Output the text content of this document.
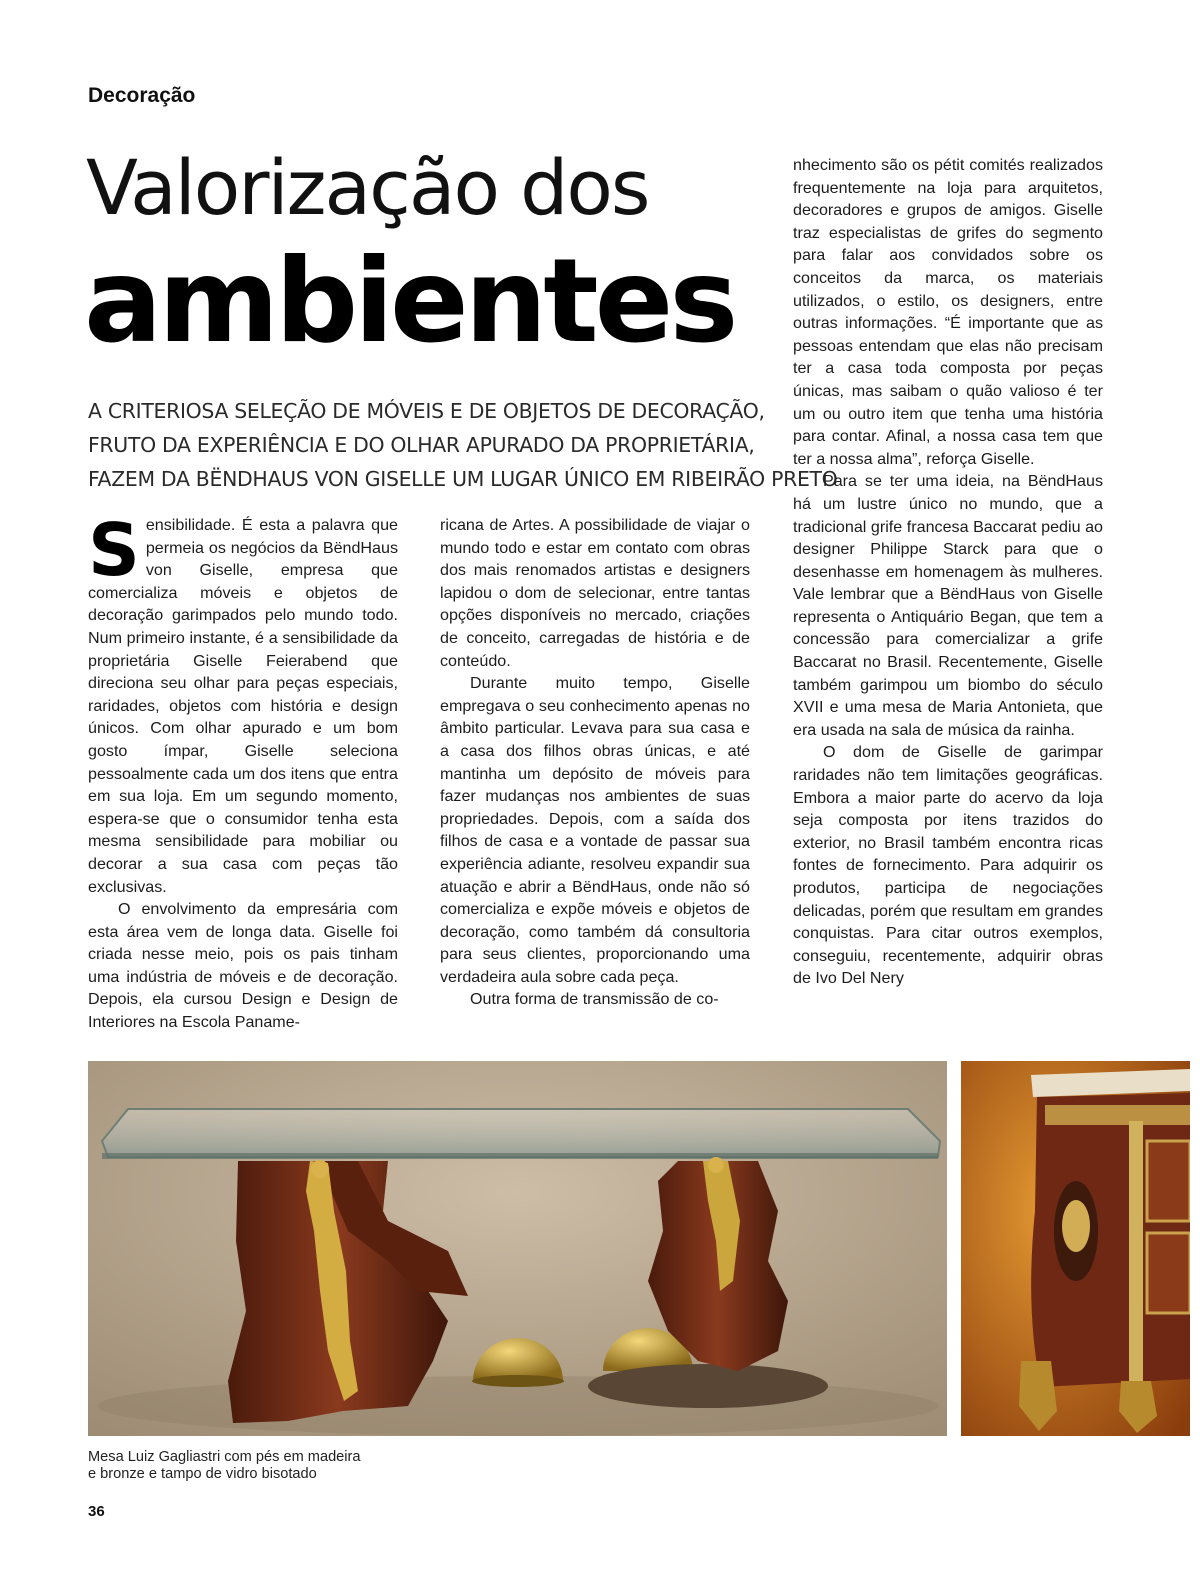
Decoração
Valorização dos
ambientes

A CRITERIOSA SELEÇÃO DE MÓVEIS E DE OBJETOS DE DECORAÇÃO,
FRUTO DA EXPERIÊNCIA E DO OLHAR APURADO DA PROPRIETÁRIA,
FAZEM DA BËNDHAUS VON GISELLE UM LUGAR ÚNICO EM RIBEIRÃO PRETO

Sensibilidade. É esta a palavra que permeia os negócios da BëndHaus von Giselle, empresa que comercializa móveis e objetos de decoração garimpados pelo mundo todo. Num primeiro instante, é a sensibilidade da proprietária Giselle Feierabend que direciona seu olhar para peças especiais, raridades, objetos com história e design únicos. Com olhar apurado e um bom gosto ímpar, Giselle seleciona pessoalmente cada um dos itens que entra em sua loja. Em um segundo momento, espera-se que o consumidor tenha esta mesma sensibilidade para mobiliar ou decorar a sua casa com peças tão exclusivas.

O envolvimento da empresária com esta área vem de longa data. Giselle foi criada nesse meio, pois os pais tinham uma indústria de móveis e de decoração. Depois, ela cursou Design e Design de Interiores na Escola Paname-

ricana de Artes. A possibilidade de viajar o mundo todo e estar em contato com obras dos mais renomados artistas e designers lapidou o dom de selecionar, entre tantas opções disponíveis no mercado, criações de conceito, carregadas de história e de conteúdo.

Durante muito tempo, Giselle empregava o seu conhecimento apenas no âmbito particular. Levava para sua casa e a casa dos filhos obras únicas, e até mantinha um depósito de móveis para fazer mudanças nos ambientes de suas propriedades. Depois, com a saída dos filhos de casa e a vontade de passar sua experiência adiante, resolveu expandir sua atuação e abrir a BëndHaus, onde não só comercializa e expõe móveis e objetos de decoração, como também dá consultoria para seus clientes, proporcionando uma verdadeira aula sobre cada peça.

Outra forma de transmissão de co-

nhecimento são os pétit comités realizados frequentemente na loja para arquitetos, decoradores e grupos de amigos. Giselle traz especialistas de grifes do segmento para falar aos convidados sobre os conceitos da marca, os materiais utilizados, o estilo, os designers, entre outras informações. “É importante que as pessoas entendam que elas não precisam ter a casa toda composta por peças únicas, mas saibam o quão valioso é ter um ou outro item que tenha uma história para contar. Afinal, a nossa casa tem que ter a nossa alma”, reforça Giselle.

Para se ter uma ideia, na BëndHaus há um lustre único no mundo, que a tradicional grife francesa Baccarat pediu ao designer Philippe Starck para que o desenhasse em homenagem às mulheres. Vale lembrar que a BëndHaus von Giselle representa o Antiquário Began, que tem a concessão para comercializar a grife Baccarat no Brasil. Recentemente, Giselle também garimpou um biombo do século XVII e uma mesa de Maria Antonieta, que era usada na sala de música da rainha.

O dom de Giselle de garimpar raridades não tem limitações geográficas. Embora a maior parte do acervo da loja seja composta por itens trazidos do exterior, no Brasil também encontra ricas fontes de fornecimento. Para adquirir os produtos, participa de negociações delicadas, porém que resultam em grandes conquistas. Para citar outros exemplos, conseguiu, recentemente, adquirir obras de Ivo Del Nery

Mesa Luiz Gagliastri com pés em madeira
e bronze e tampo de vidro bisotado

36
